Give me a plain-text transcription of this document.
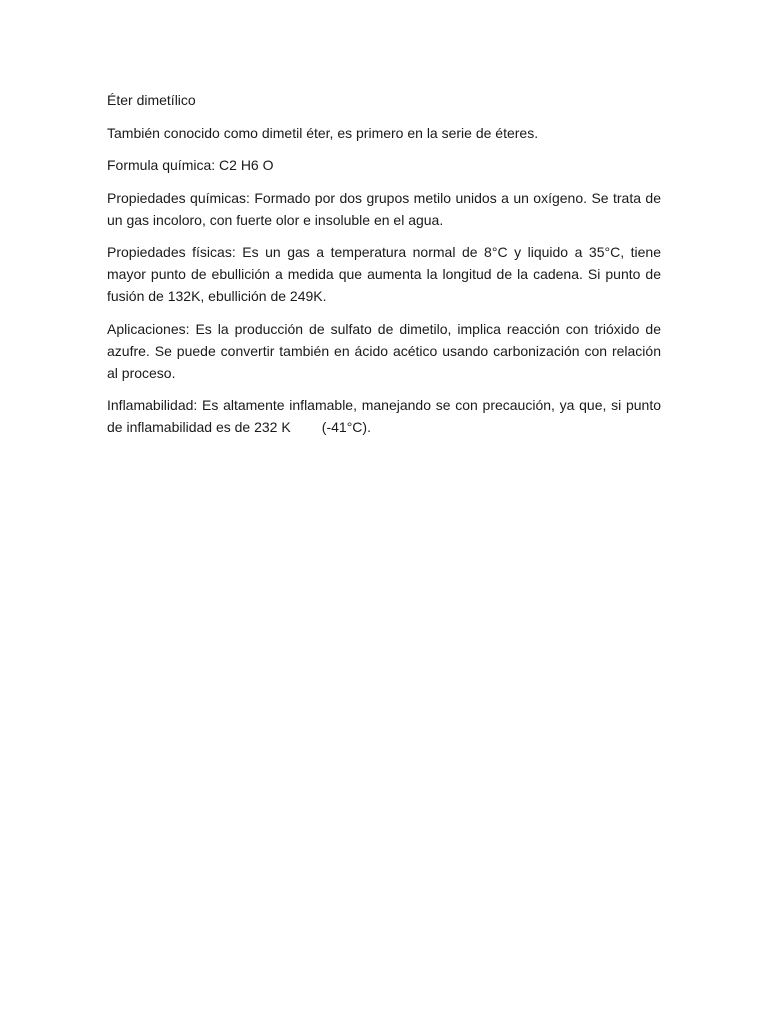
Éter dimetílico

También conocido como dimetil éter, es primero en la serie de éteres.

Formula química: C2 H6 O

Propiedades químicas: Formado por dos grupos metilo unidos a un oxígeno. Se trata de un gas incoloro, con fuerte olor e insoluble en el agua.

Propiedades físicas: Es un gas a temperatura normal de 8°C y liquido a 35°C, tiene mayor punto de ebullición a medida que aumenta la longitud de la cadena. Si punto de fusión de 132K, ebullición de 249K.

Aplicaciones: Es la producción de sulfato de dimetilo, implica reacción con trióxido de azufre. Se puede convertir también en ácido acético usando carbonización con relación al proceso.

Inflamabilidad: Es altamente inflamable, manejando se con precaución, ya que, si punto de inflamabilidad es de 232 K        (-41°C).
